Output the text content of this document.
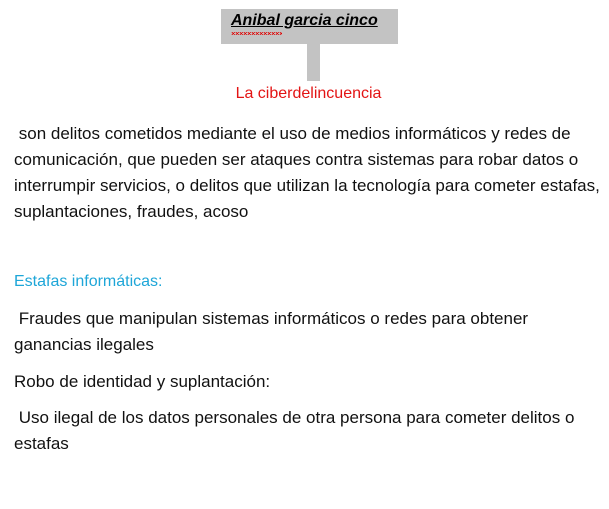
Anibal garcia cinco
La ciberdelincuencia
son delitos cometidos mediante el uso de medios informáticos y redes de comunicación, que pueden ser ataques contra sistemas para robar datos o interrumpir servicios, o delitos que utilizan la tecnología para cometer estafas, suplantaciones, fraudes, acoso
Estafas informáticas:
Fraudes que manipulan sistemas informáticos o redes para obtener ganancias ilegales
Robo de identidad y suplantación:
Uso ilegal de los datos personales de otra persona para cometer delitos o estafas
